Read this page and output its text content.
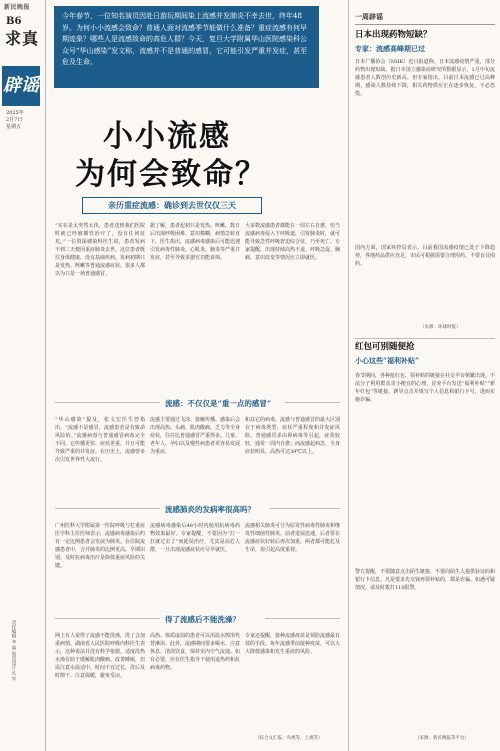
新民晚报
B6
求真
辟谣
2025年
2月7日
星期五
今年春节，一位知名演员因赴日游玩期间染上流感并发肺炎不幸去世，终年48岁。为何小小流感会致命？普通人面对流感季节能做什么准备？重症流感有何早期迹象？哪些人是流感致命的高危人群？今天，复旦大学附属华山医院感染科公众号“华山感染”发文称，流感并不是普通的感冒，它可能引发严重并发症，甚至危及生命。
小小流感
为何会致命？
亲历重症流感：确诊到去世仅仅三天
“实在是太突然太快，患者送到我们医院时就已经被插管治疗了，没有任何征兆。”一位资深感染科医生说，患者发病不到三天便因重症肺炎去世。这位患者既往身体健康，没有基础疾病，发病初期只是发热、咳嗽等普通流感症状，很多人都以为只是一场普通感冒。
据了解，患者起初只是发热、咳嗽，数日后出现呼吸困难、意识模糊，病情急转直下。医生指出，流感病毒感染后可能迅速引发病毒性肺炎、心肌炎、脑炎等严重并发症，甚至导致多器官功能衰竭。
大多数流感患者都能在一周左右自愈，但当流感病毒侵入下呼吸道，引发肺炎时，就可能导致急性呼吸窘迫综合征，乃至死亡。专家提醒，出现持续高热不退、呼吸急促、胸痛、意识改变等情况应立即就医。
流感：不仅仅是“重一点的感冒”
“华山感染”提及，张文宏医生曾指出，“流感不是感冒，流感患者是有致命风险的。”流感病毒与普通感冒病毒完全不同，它传播更快、症状更重，并且可能导致严重的并发症。在历史上，流感曾多次引发世界性大流行。
流感主要通过飞沫、接触传播。感染后会出现高热、头痛、肌肉酸痛、乏力等全身症状，往往比普通感冒严重得多。儿童、老年人、孕妇以及慢性病患者更容易发展为重症。
和其它的病毒。流感与普通感冒的最大区别在于病毒类型、症状严重程度和并发症风险。普通感冒多由鼻病毒等引起，症状较轻，通常一周内自愈；而流感起病急、全身症状明显，高热可达39℃以上。
流感肺炎的发病率很高吗？
广州医科大学附属第一医院呼吸与危重症医学科主任医师表示，流感病毒感染后约有一定比例患者会发展为肺炎。在住院流感患者中，合并肺炎的比例更高。早期识别、及时抗病毒治疗是降低重症风险的关键。
流感病毒感染后48小时内使用抗病毒药物效果最好。专家提醒，不要因为“扛一扛就过去了”而延误治疗，尤其是高危人群，一旦出现流感症状应尽早就医。
流感相关肺炎可分为原发性病毒性肺炎和继发性细菌性肺炎。前者进展迅速，后者常在流感症状好转后再次加重。两者都可能危及生命，需引起高度重视。
得了流感后不能洗澡？
网上有人说得了流感不能洗澡，洗了会加重病情。湖南省人民医院呼吸内科医生表示，这种说法并没有科学依据。适度洗热水澡有助于缓解肌肉酸痛、改善睡眠，但需注意水温适中、时间不宜过长，洗后及时擦干、注意保暖，避免受凉。
高热、体质虚弱的患者可以用温水擦浴代替淋浴。此外，流感期间要多喝水、注意休息、清淡饮食，保持室内空气流通。如有必要，应在医生指导下使用退热药和抗病毒药物。
专家还提醒，接种流感疫苗是预防流感最有效的手段。每年流感季前接种疫苗，可以大大降低感染和发生重症的风险。
（综合文汇报、央视等，上观等）
一周辟谣
日本出现药物短缺？
专家：流感高峰期已过
日本广播协会（NHK）近日报道称，日本流感疫情严重，部分药物出现短缺。据日本国立感染症研究所数据显示，1月中旬流感患者人数创历史新高。但专家指出，目前日本流感已过高峰期，感染人数持续下降，相关药物供应正在逐步恢复，不必恐慌。
国内方面，国家疾控局表示，目前我国流感疫情已处于下降趋势，各地药品供应充足，市民可根据需要合理用药，不要盲目囤药。
（来源：环球时报）
红包可别随便抢
小心这些“福利补贴”
春节期间，各种抢红包、领补贴的链接在社交平台频繁出现。不法分子利用群众贪小便宜的心理，冒充平台发送“福利补贴”“新年红包”等链接，诱导点击并填写个人信息和银行卡号，进而实施诈骗。
警方提醒，不要随意点击陌生链接，不要向陌生人提供验证码和银行卡信息。凡是要求先交钱再领补贴的，都是诈骗。如遇可疑情况，请及时拨打110报警。
（来源：新民晚报等平台）
责任编辑 李 娟 视觉设计 孔 军
